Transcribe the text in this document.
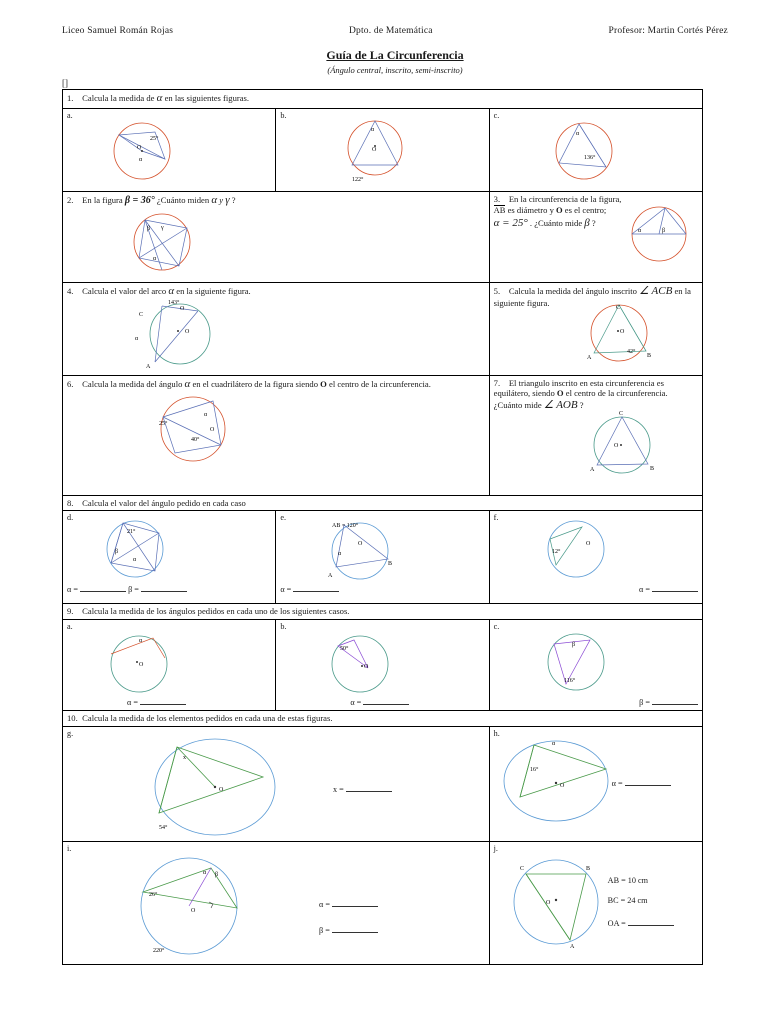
Liceo Samuel Román Rojas	Dpto. de Matemática	Profesor: Martin Cortés Pérez
Guía de La Circunferencia
(Ángulo central, inscrito, semi-inscrito)
[]
1. Calcula la medida de α en las siguientes figuras.		

a.
25°
O
α

b.
α
O
122°

c.
α
136°

2. En la figura β = 36° ¿Cuánto miden α y γ ?
β γ
α
	3. En la circunferencia de la figura,
AB es diámetro y O es el centro;
α = 25° . ¿Cuánto mide β ?
α	β

4. Calcula el valor del arco α en la siguiente figura.
143°
O
α
O
C
A
	5. Calcula la medida del ángulo inscrito ∠ ACB en la siguiente figura.	C
O
A	B
42°

6. Calcula la medida del ángulo α en el cuadrilátero de la figura siendo O el centro de la circunferencia.
25°
α
40°
O		7. El triangulo inscrito en esta circunferencia es equilátero, siendo O el centro de la circunferencia. ¿Cuánto mide ∠ AOB ?
C
O
A B

8. Calcula el valor del ángulo pedido en cada caso		

d.
21°
β
α
α =	β =

e.
AB = 120°
O
α
A
B
α =

f.
12°
O
α =

9. Calcula la medida de los ángulos pedidos en cada uno de los siguientes casos.		

a.
α
O
α =

b.
50°
O
α =

c.
β
116°
β =

10. Calcula la medida de los elementos pedidos en cada una de estas figuras.		

g.
x
O
54°
x =

h.
α
16°
O	α =

i.
26°
O
α β
220°
α =
β =

j.
C	B
O
A
AB = 10 cm
BC = 24 cm
OA =
